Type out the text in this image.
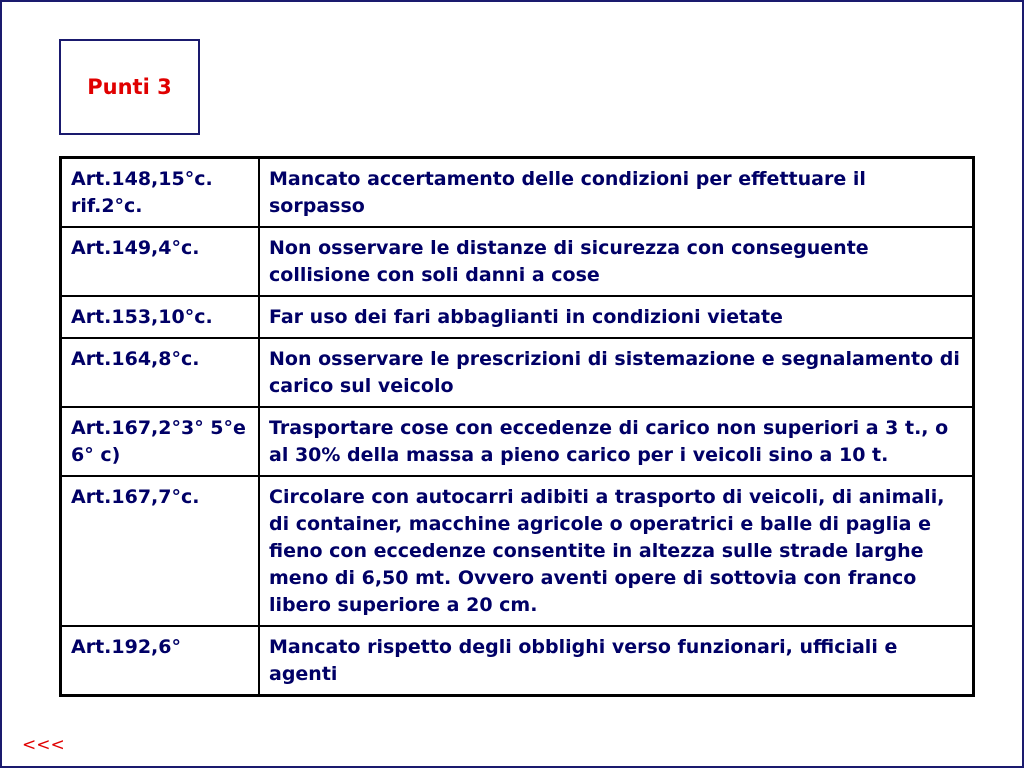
Punti 3
Art.148,15°c. rif.2°c.	Mancato accertamento delle condizioni per effettuare il sorpasso
Art.149,4°c.	Non osservare le distanze di sicurezza con conseguente collisione con soli danni a cose
Art.153,10°c.	Far uso dei fari abbaglianti in condizioni vietate
Art.164,8°c.	Non osservare le prescrizioni di sistemazione e segnalamento di carico sul veicolo
Art.167,2°3° 5°e 6° c)	Trasportare cose con eccedenze di carico non superiori a 3 t., o al 30% della massa a pieno carico per i veicoli sino a 10 t.
Art.167,7°c.	Circolare con autocarri adibiti a trasporto di veicoli, di animali, di container, macchine agricole o operatrici e balle di paglia e fieno con eccedenze consentite in altezza sulle strade larghe meno di 6,50 mt. Ovvero aventi opere di sottovia con franco libero superiore a 20 cm.
Art.192,6°	Mancato rispetto degli obblighi verso funzionari, ufficiali e agenti
<<<
